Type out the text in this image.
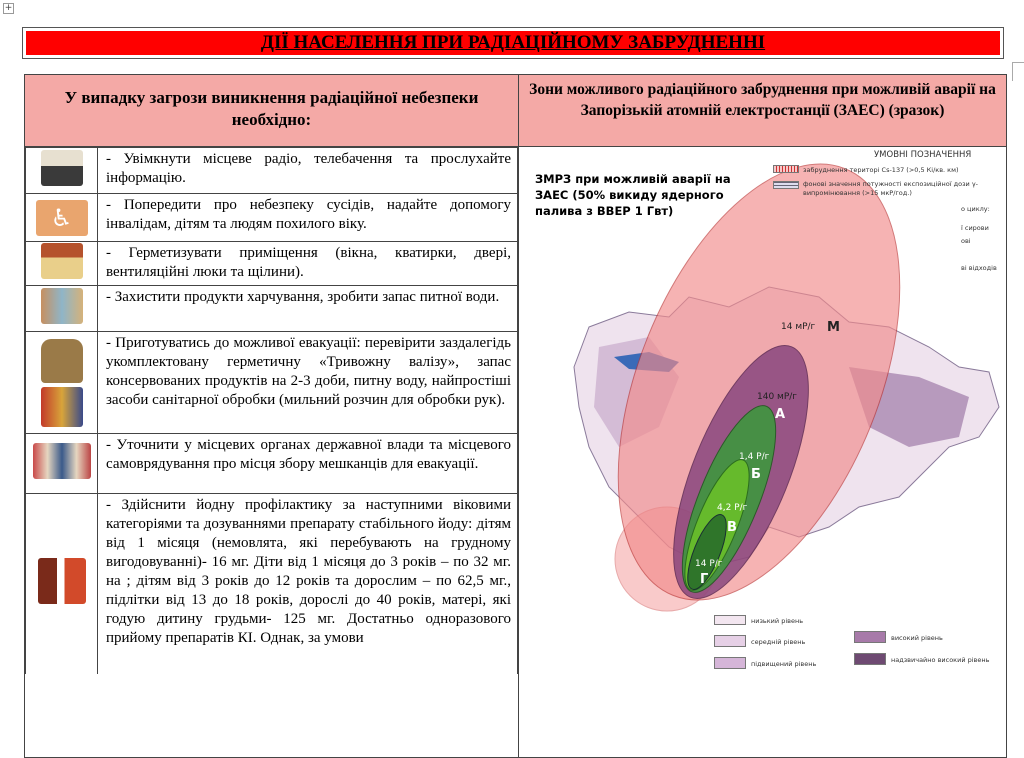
+
ДІЇ НАСЕЛЕННЯ ПРИ РАДІАЦІЙНОМУ ЗАБРУДНЕННІ
У випадку загрози виникнення радіаційної небезпеки необхідно:	Зони можливого радіаційного забруднення при можливій аварії на Запорізькій атомній електростанції (ЗАЕС) (зразок)

	- Увімкнути місцеве радіо, телебачення та прослухайте інформацію.
♿	- Попередити про небезпеку сусідів, надайте допомогу інвалідам, дітям та людям похилого віку.
	- Герметизувати приміщення (вікна, кватирки, двері, вентиляційні люки та щілини).
	- Захистити продукти харчування, зробити запас питної води.

	- Приготуватись до можливої евакуації: перевірити заздалегідь укомплектовану герметичну «Тривожну валізу», запас консервованих продуктів на 2-3 доби, питну воду, найпростіші засоби санітарної обробки (мильний розчин для обробки рук).
	- Уточнити у місцевих органах державної влади та місцевого самоврядування про місця збору мешканців для евакуації.
	- Здійснити йодну профілактику за наступними віковими категоріями та дозуваннями препарату стабільного йоду: дітям від 1 місяця (немовлята, які перебувають на грудному вигодовуванні)- 16 мг. Діти від 1 місяця до 3 років – по 32 мг. на ; дітям від 3 років до 12 років та дорослим – по 62,5 мг., підлітки від 13 до 18 років, дорослі до 40 років, матері, які годую дитину грудьми- 125 мг. Достатньо одноразового прийому препаратів КІ. Однак, за умови

14 мР/г М
140 мР/г
А
1,4 Р/г
Б
4,2 Р/г
В
14 Р/г
Г
ЗМРЗ при можливій аварії на ЗАЕС (50% викиду ядерного палива з ВВЕР 1 Гвт)
УМОВНІ ПОЗНАЧЕННЯ
забруднення територі Cs-137 (>0,5 Кі/кв. км)
фонові значення потужності експозиційної дози γ-випромінювання (>15 мкР/год.)
о циклу:
ї сирови
ові
ві відходів
низький рівень
середній рівень
підвищений рівень
високий рівень
надзвичайно високий рівень
